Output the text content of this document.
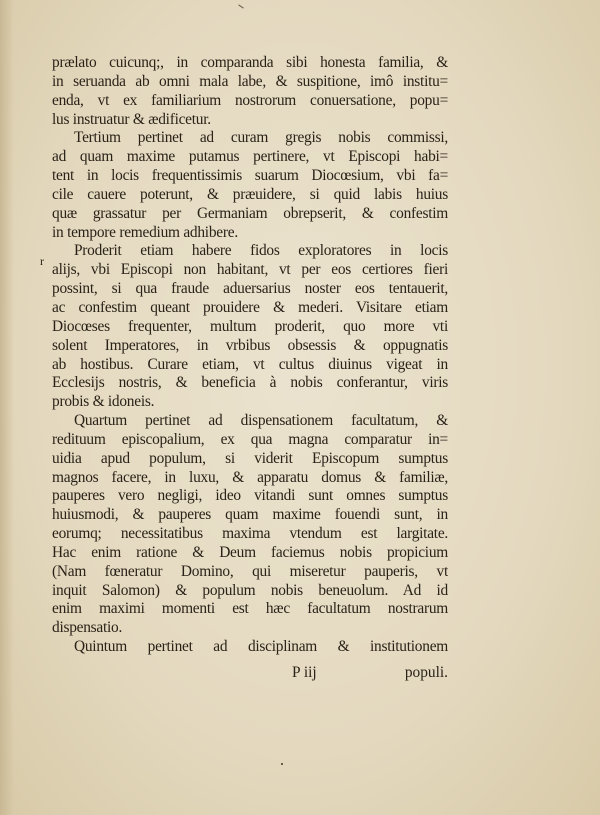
prælato cuicunq;, in comparanda sibi honesta familia, &
in seruanda ab omni mala labe, & suspitione, imô institu=
enda, vt ex familiarium nostrorum conuersatione, popu=
lus instruatur & ædificetur.
Tertium pertinet ad curam gregis nobis commissi,
ad quam maxime putamus pertinere, vt Episcopi habi=
tent in locis frequentissimis suarum Diocœsium, vbi fa=
cile cauere poterunt, & præuidere, si quid labis huius
quæ grassatur per Germaniam obrepserit, & confestim
in tempore remedium adhibere.
Proderit etiam habere fidos exploratores in locis
alijs, vbi Episcopi non habitant, vt per eos certiores fieri
possint, si qua fraude aduersarius noster eos tentauerit,
ac confestim queant prouidere & mederi. Visitare etiam
Diocœses frequenter, multum proderit, quo more vti
solent Imperatores, in vrbibus obsessis & oppugnatis
ab hostibus. Curare etiam, vt cultus diuinus vigeat in
Ecclesijs nostris, & beneficia à nobis conferantur, viris
probis & idoneis.
Quartum pertinet ad dispensationem facultatum, &
redituum episcopalium, ex qua magna comparatur in=
uidia apud populum, si viderit Episcopum sumptus
magnos facere, in luxu, & apparatu domus & familiæ,
pauperes vero negligi, ideo vitandi sunt omnes sumptus
huiusmodi, & pauperes quam maxime fouendi sunt, in
eorumq; necessitatibus maxima vtendum est largitate.
Hac enim ratione & Deum faciemus nobis propicium
(Nam fœneratur Domino, qui miseretur pauperis, vt
inquit Salomon) & populum nobis beneuolum. Ad id
enim maximi momenti est hæc facultatum nostrarum
dispensatio.
Quintum pertinet ad disciplinam & institutionem
r
P iij	populi.
